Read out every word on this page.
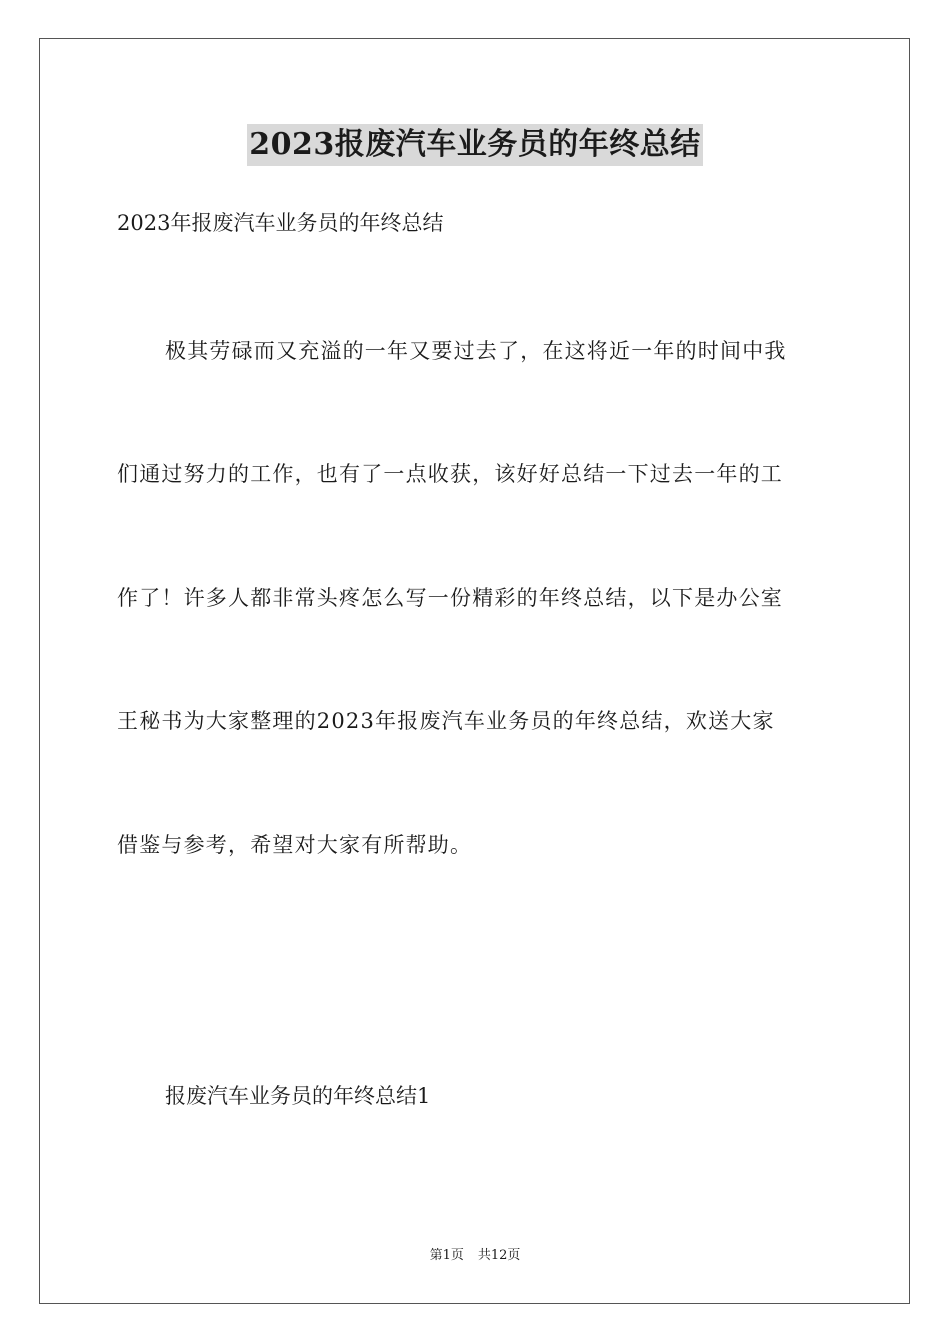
2023报废汽车业务员的年终总结
2023年报废汽车业务员的年终总结
极其劳碌而又充溢的一年又要过去了，在这将近一年的时间中我
们通过努力的工作，也有了一点收获，该好好总结一下过去一年的工
作了！许多人都非常头疼怎么写一份精彩的年终总结，以下是办公室
王秘书为大家整理的2023年报废汽车业务员的年终总结，欢送大家
借鉴与参考，希望对大家有所帮助。
报废汽车业务员的年终总结1
第1页 共12页
